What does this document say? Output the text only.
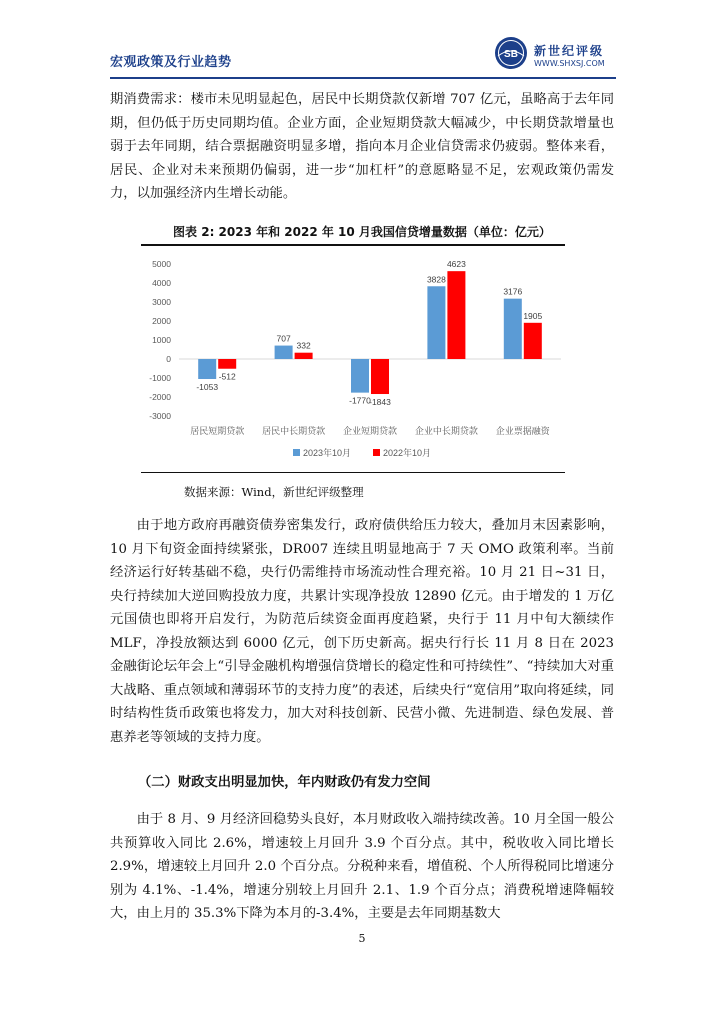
宏观政策及行业趋势
SB 新世纪评级
WWW.SHXSJ.COM

期消费需求：楼市未见明显起色，居民中长期贷款仅新增 707 亿元，虽略高于去年同期，但仍低于历史同期均值。企业方面，企业短期贷款大幅减少，中长期贷款增量也弱于去年同期，结合票据融资明显多增，指向本月企业信贷需求仍疲弱。整体来看，居民、企业对未来预期仍偏弱，进一步“加杠杆”的意愿略显不足，宏观政策仍需发力，以加强经济内生增长动能。

图表 2: 2023 年和 2022 年 10 月我国信贷增量数据（单位：亿元）
5000
4000
3000
2000
1000
0
-1000
-2000
-3000
-1053
-512
707
332
-1770
-1843
3828
4623
3176
1905
居民短期贷款 居民中长期贷款 企业短期贷款 企业中长期贷款 企业票据融资
2023年10月	2022年10月
数据来源：Wind，新世纪评级整理

由于地方政府再融资债券密集发行，政府债供给压力较大，叠加月末因素影响，10 月下旬资金面持续紧张，DR007 连续且明显地高于 7 天 OMO 政策利率。当前经济运行好转基础不稳，央行仍需维持市场流动性合理充裕。10 月 21 日~31 日，央行持续加大逆回购投放力度，共累计实现净投放 12890 亿元。由于增发的 1 万亿元国债也即将开启发行，为防范后续资金面再度趋紧，央行于 11 月中旬大额续作 MLF，净投放额达到 6000 亿元，创下历史新高。据央行行长 11 月 8 日在 2023 金融街论坛年会上“引导金融机构增强信贷增长的稳定性和可持续性”、“持续加大对重大战略、重点领域和薄弱环节的支持力度”的表述，后续央行“宽信用”取向将延续，同时结构性货币政策也将发力，加大对科技创新、民营小微、先进制造、绿色发展、普惠养老等领域的支持力度。

（二）财政支出明显加快，年内财政仍有发力空间

由于 8 月、9 月经济回稳势头良好，本月财政收入端持续改善。10 月全国一般公共预算收入同比 2.6%，增速较上月回升 3.9 个百分点。其中，税收收入同比增长 2.9%，增速较上月回升 2.0 个百分点。分税种来看，增值税、个人所得税同比增速分别为 4.1%、-1.4%，增速分别较上月回升 2.1、1.9 个百分点；消费税增速降幅较大，由上月的 35.3%下降为本月的-3.4%，主要是去年同期基数大

5
